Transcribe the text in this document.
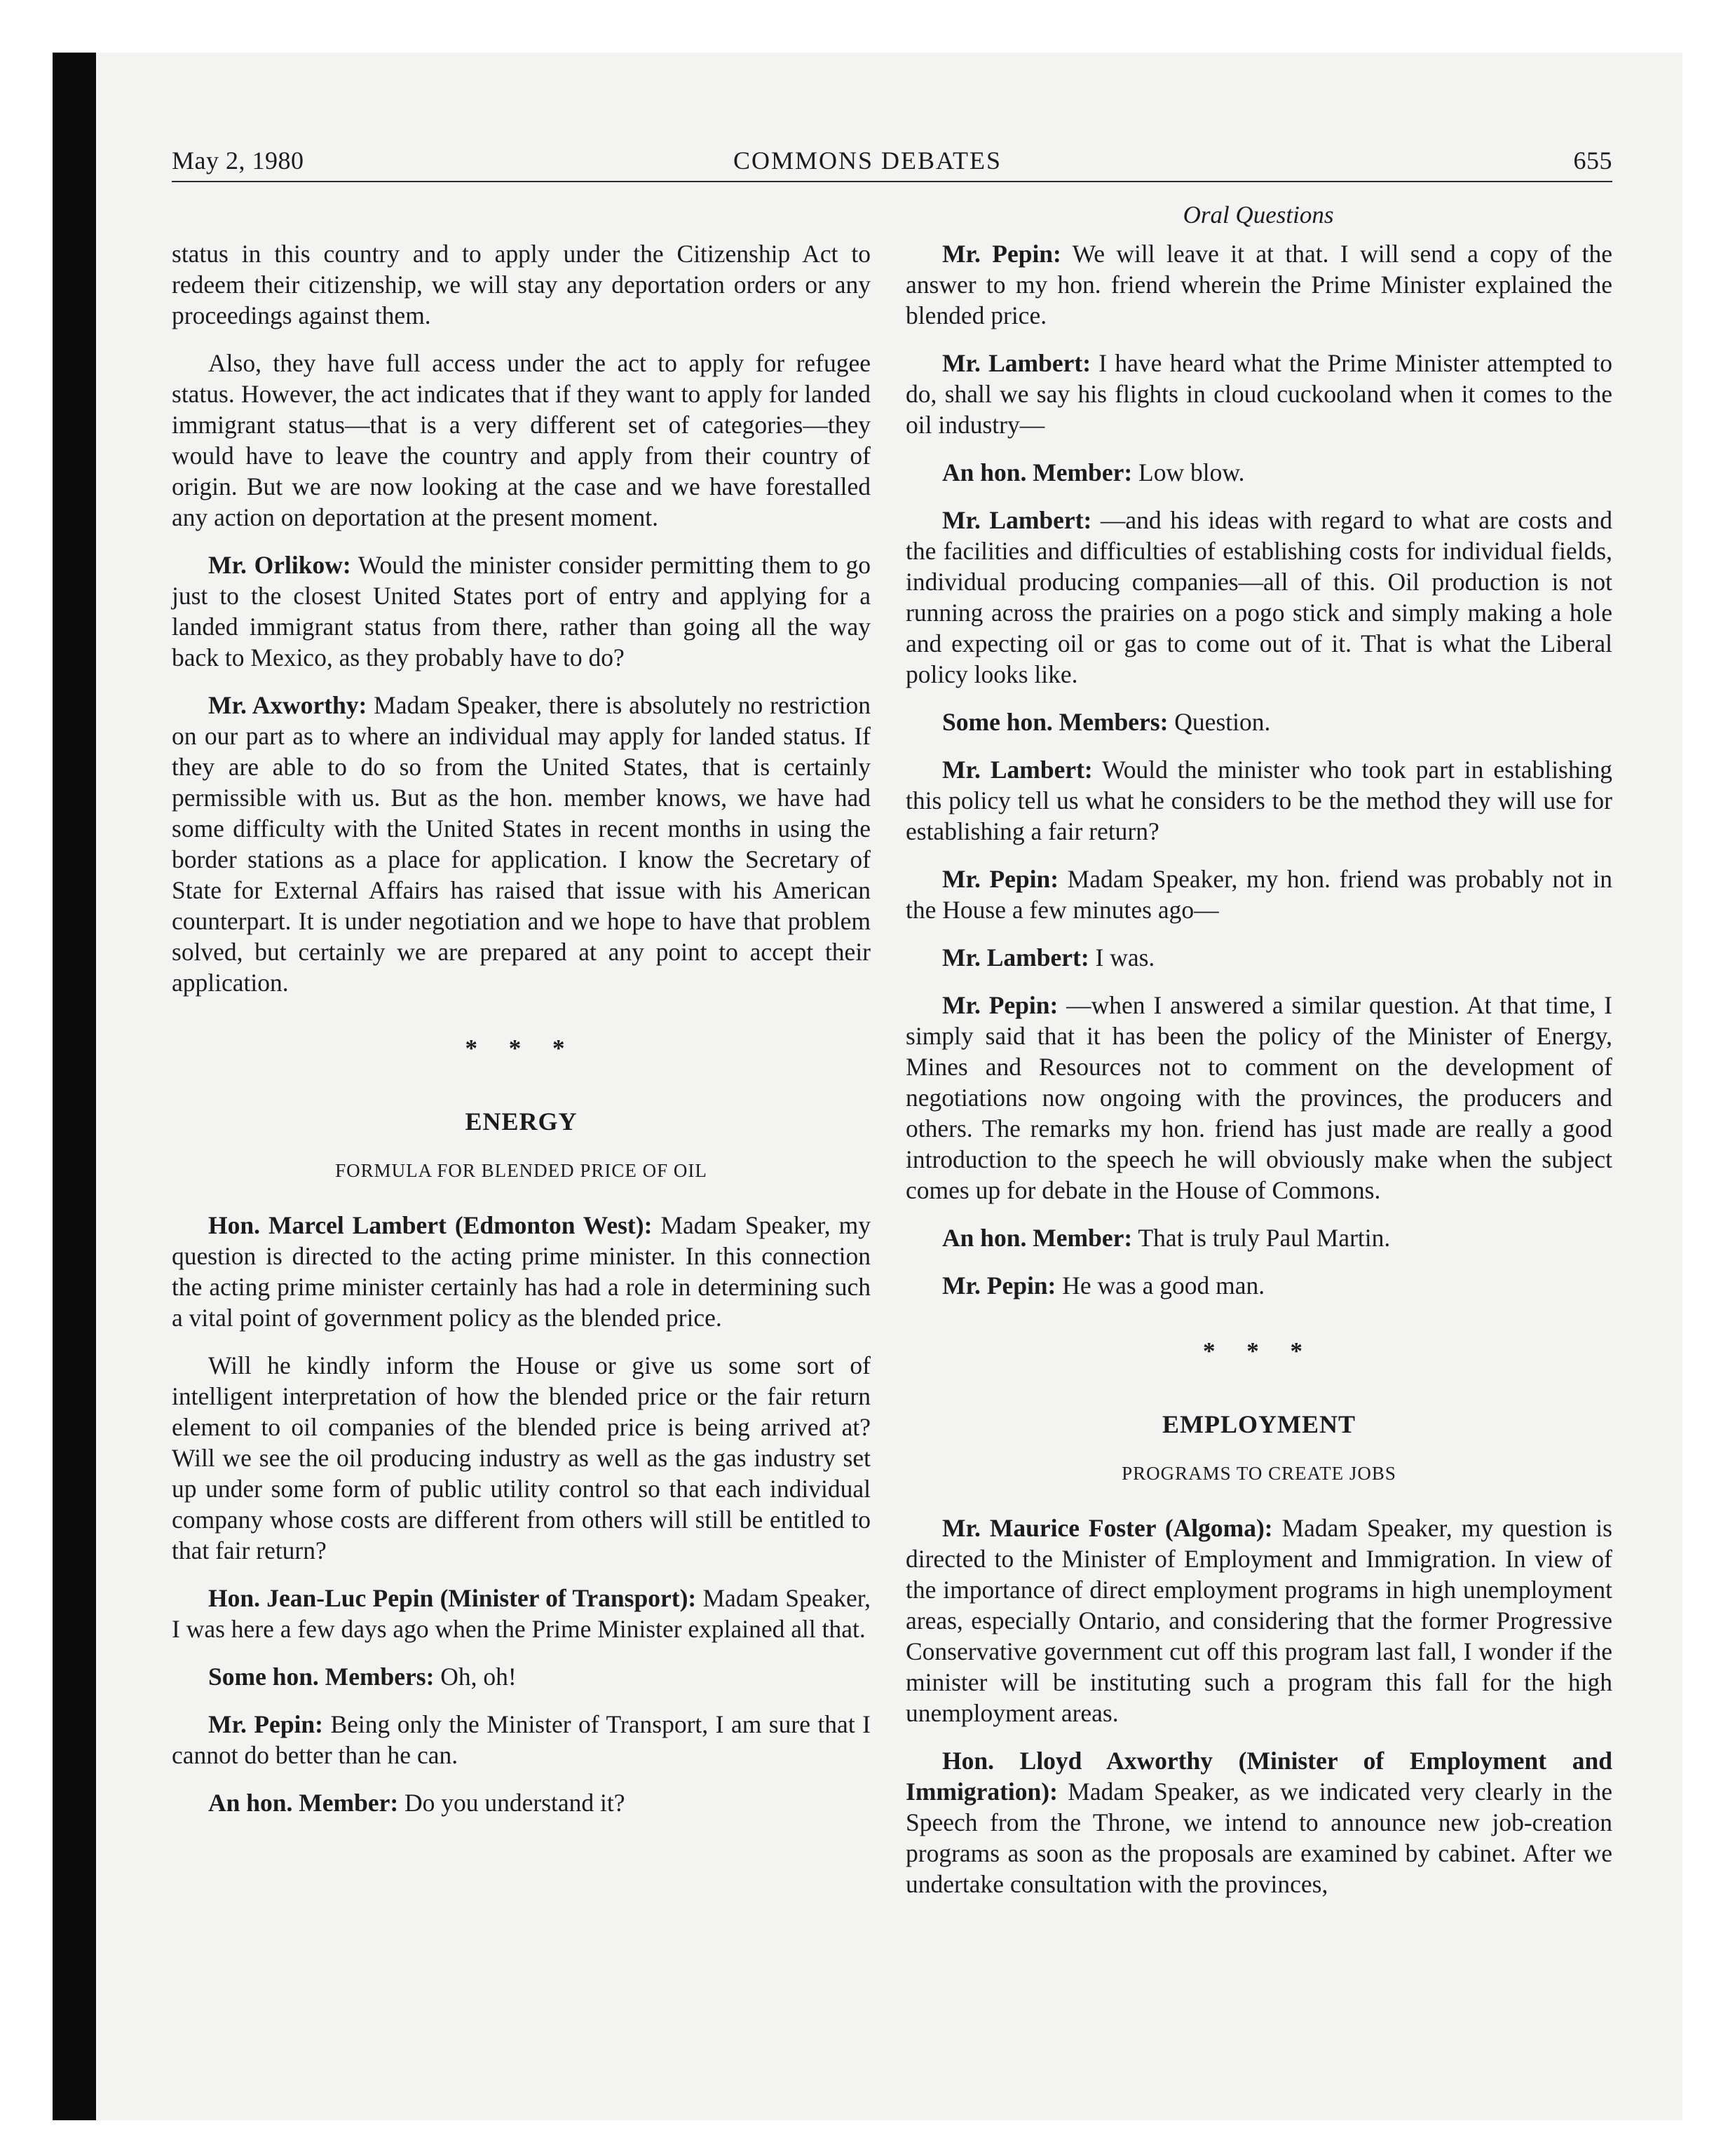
May 2, 1980	COMMONS DEBATES	655
Oral Questions

status in this country and to apply under the Citizenship Act to redeem their citizenship, we will stay any deportation orders or any proceedings against them.

Also, they have full access under the act to apply for refugee status. However, the act indicates that if they want to apply for landed immigrant status—that is a very different set of categories—they would have to leave the country and apply from their country of origin. But we are now looking at the case and we have forestalled any action on deportation at the present moment.

Mr. Orlikow: Would the minister consider permitting them to go just to the closest United States port of entry and applying for a landed immigrant status from there, rather than going all the way back to Mexico, as they probably have to do?

Mr. Axworthy: Madam Speaker, there is absolutely no restriction on our part as to where an individual may apply for landed status. If they are able to do so from the United States, that is certainly permissible with us. But as the hon. member knows, we have had some difficulty with the United States in recent months in using the border stations as a place for application. I know the Secretary of State for External Affairs has raised that issue with his American counterpart. It is under negotiation and we hope to have that problem solved, but certainly we are prepared at any point to accept their application.

* * *
ENERGY
FORMULA FOR BLENDED PRICE OF OIL

Hon. Marcel Lambert (Edmonton West): Madam Speaker, my question is directed to the acting prime minister. In this connection the acting prime minister certainly has had a role in determining such a vital point of government policy as the blended price.

Will he kindly inform the House or give us some sort of intelligent interpretation of how the blended price or the fair return element to oil companies of the blended price is being arrived at? Will we see the oil producing industry as well as the gas industry set up under some form of public utility control so that each individual company whose costs are different from others will still be entitled to that fair return?

Hon. Jean-Luc Pepin (Minister of Transport): Madam Speaker, I was here a few days ago when the Prime Minister explained all that.

Some hon. Members: Oh, oh!

Mr. Pepin: Being only the Minister of Transport, I am sure that I cannot do better than he can.

An hon. Member: Do you understand it?

Mr. Pepin: We will leave it at that. I will send a copy of the answer to my hon. friend wherein the Prime Minister explained the blended price.

Mr. Lambert: I have heard what the Prime Minister attempted to do, shall we say his flights in cloud cuckooland when it comes to the oil industry—

An hon. Member: Low blow.

Mr. Lambert: —and his ideas with regard to what are costs and the facilities and difficulties of establishing costs for individual fields, individual producing companies—all of this. Oil production is not running across the prairies on a pogo stick and simply making a hole and expecting oil or gas to come out of it. That is what the Liberal policy looks like.

Some hon. Members: Question.

Mr. Lambert: Would the minister who took part in establishing this policy tell us what he considers to be the method they will use for establishing a fair return?

Mr. Pepin: Madam Speaker, my hon. friend was probably not in the House a few minutes ago—

Mr. Lambert: I was.

Mr. Pepin: —when I answered a similar question. At that time, I simply said that it has been the policy of the Minister of Energy, Mines and Resources not to comment on the development of negotiations now ongoing with the provinces, the producers and others. The remarks my hon. friend has just made are really a good introduction to the speech he will obviously make when the subject comes up for debate in the House of Commons.

An hon. Member: That is truly Paul Martin.

Mr. Pepin: He was a good man.

* * *
EMPLOYMENT
PROGRAMS TO CREATE JOBS

Mr. Maurice Foster (Algoma): Madam Speaker, my question is directed to the Minister of Employment and Immigration. In view of the importance of direct employment programs in high unemployment areas, especially Ontario, and considering that the former Progressive Conservative government cut off this program last fall, I wonder if the minister will be instituting such a program this fall for the high unemployment areas.

Hon. Lloyd Axworthy (Minister of Employment and Immigration): Madam Speaker, as we indicated very clearly in the Speech from the Throne, we intend to announce new job-creation programs as soon as the proposals are examined by cabinet. After we undertake consultation with the provinces,
